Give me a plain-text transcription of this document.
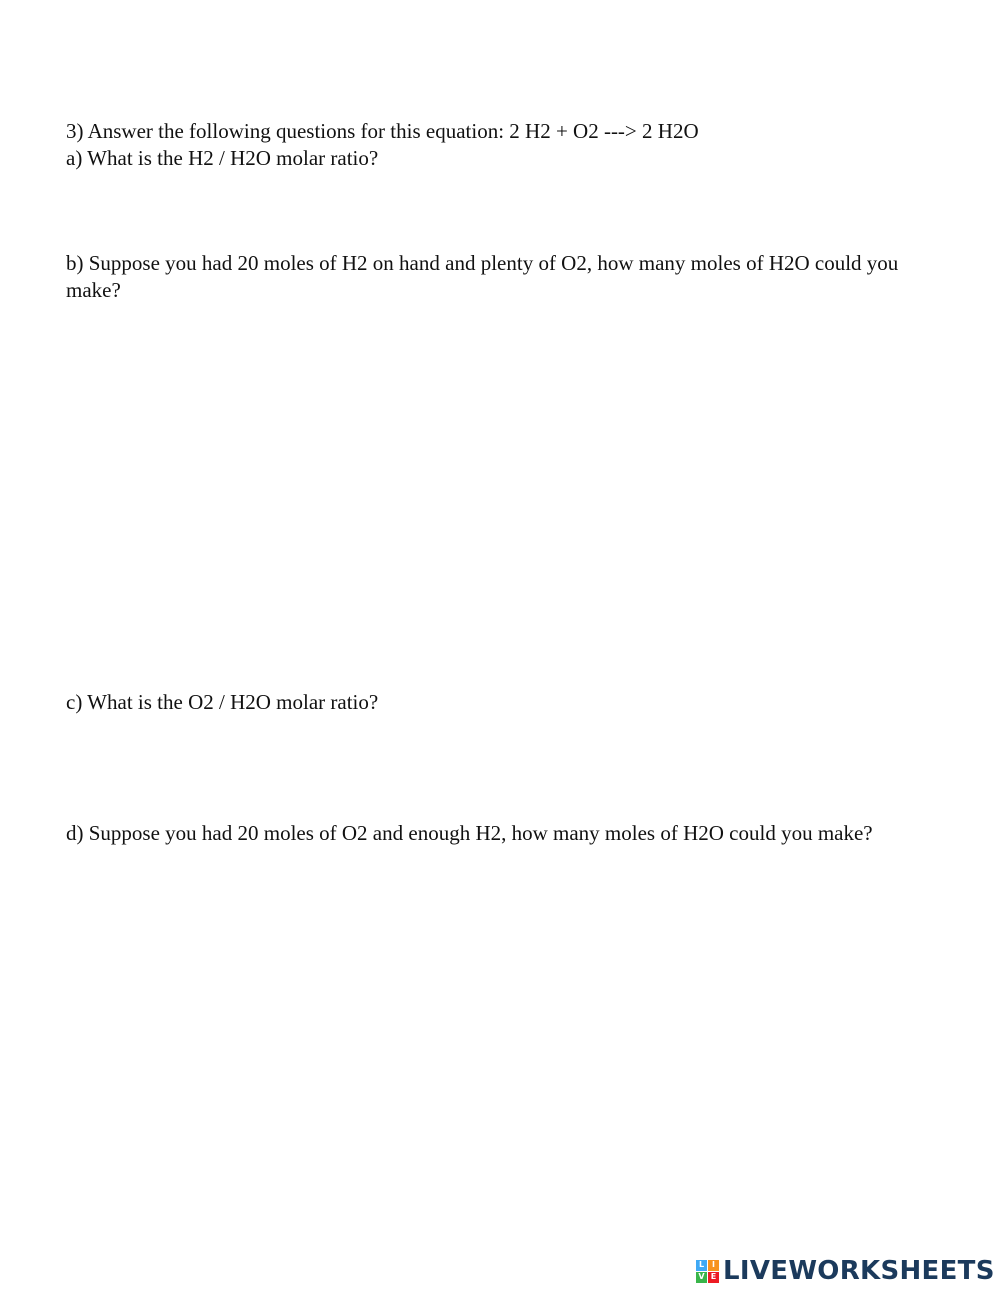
3) Answer the following questions for this equation: 2 H2 + O2 ---> 2 H2O
a) What is the H2 / H2O molar ratio?
b) Suppose you had 20 moles of H2 on hand and plenty of O2, how many moles of H2O could you make?
c) What is the O2 / H2O molar ratio?
d) Suppose you had 20 moles of O2 and enough H2, how many moles of H2O could you make?
L I
V E LIVEWORKSHEETS
